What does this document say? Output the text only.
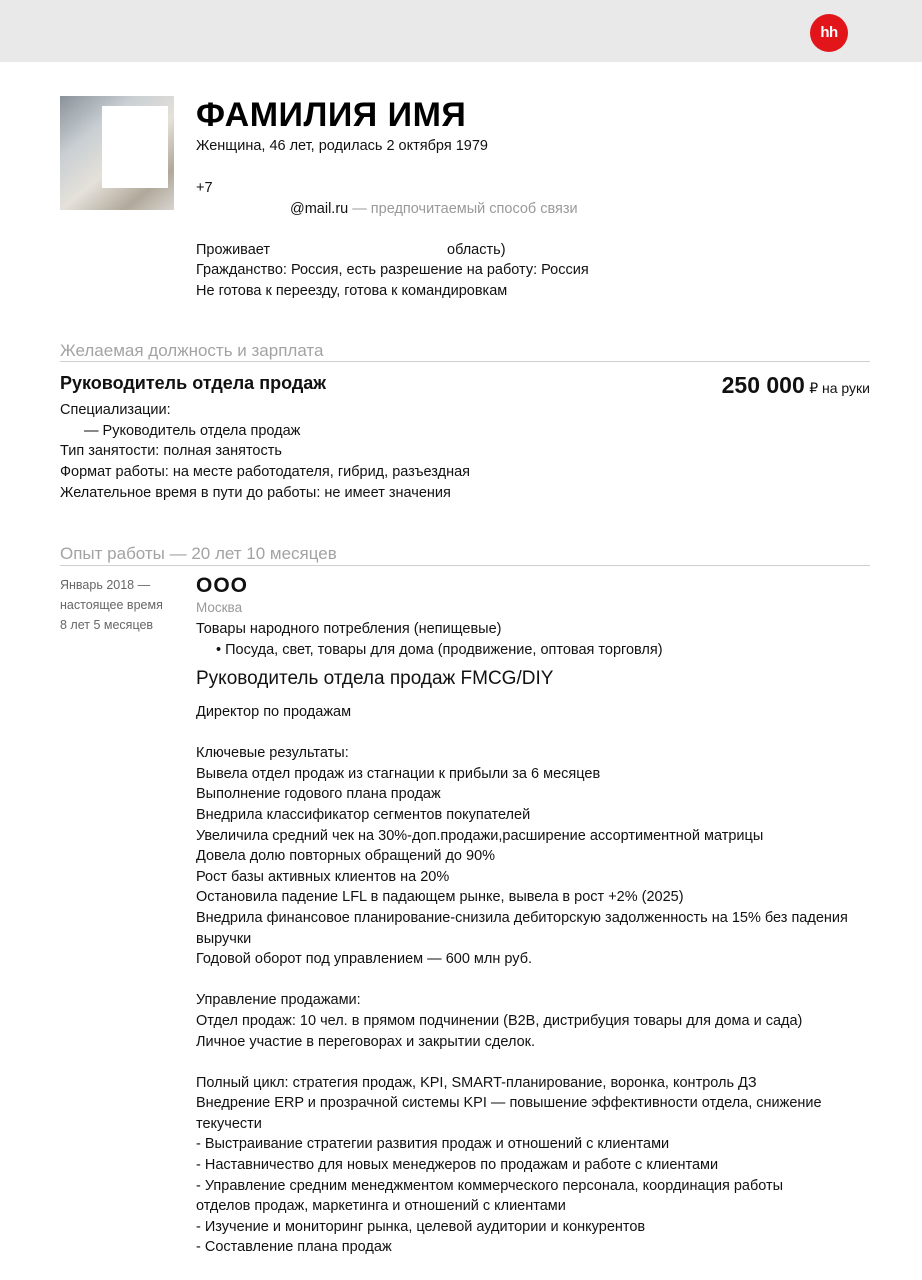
hh
ФАМИЛИЯ ИМЯ
Женщина, 46 лет, родилась 2 октября 1979
+7
@mail.ru — предпочитаемый способ связи
Проживает	область)
Гражданство: Россия, есть разрешение на работу: Россия
Не готова к переезду, готова к командировкам
Желаемая должность и зарплата
Руководитель отдела продаж	250 000 ₽ на руки
Специализации:
— Руководитель отдела продаж
Тип занятости: полная занятость
Формат работы: на месте работодателя, гибрид, разъездная
Желательное время в пути до работы: не имеет значения
Опыт работы — 20 лет 10 месяцев
Январь 2018 —
настоящее время
8 лет 5 месяцев
ООО
Москва
Товары народного потребления (непищевые)
• Посуда, свет, товары для дома (продвижение, оптовая торговля)
Руководитель отдела продаж FMCG/DIY
Директор по продажам
Ключевые результаты:
Вывела отдел продаж из стагнации к прибыли за 6 месяцев
Выполнение годового плана продаж
Внедрила классификатор сегментов покупателей
Увеличила средний чек на 30%-доп.продажи,расширение ассортиментной матрицы
Довела долю повторных обращений до 90%
Рост базы активных клиентов на 20%
Остановила падение LFL в падающем рынке, вывела в рост +2% (2025)
Внедрила финансовое планирование-снизила дебиторскую задолженность на 15% без падения
выручки
Годовой оборот под управлением — 600 млн руб.
Управление продажами:
Отдел продаж: 10 чел. в прямом подчинении (B2B, дистрибуция товары для дома и сада)
Личное участие в переговорах и закрытии сделок.
Полный цикл: стратегия продаж, KPI, SMART-планирование, воронка, контроль ДЗ
Внедрение ERP и прозрачной системы KPI — повышение эффективности отдела, снижение
текучести
- Выстраивание стратегии развития продаж и отношений с клиентами
- Наставничество для новых менеджеров по продажам и работе с клиентами
- Управление средним менеджментом коммерческого персонала, координация работы
отделов продаж, маркетинга и отношений с клиентами
- Изучение и мониторинг рынка, целевой аудитории и конкурентов
- Составление плана продаж
